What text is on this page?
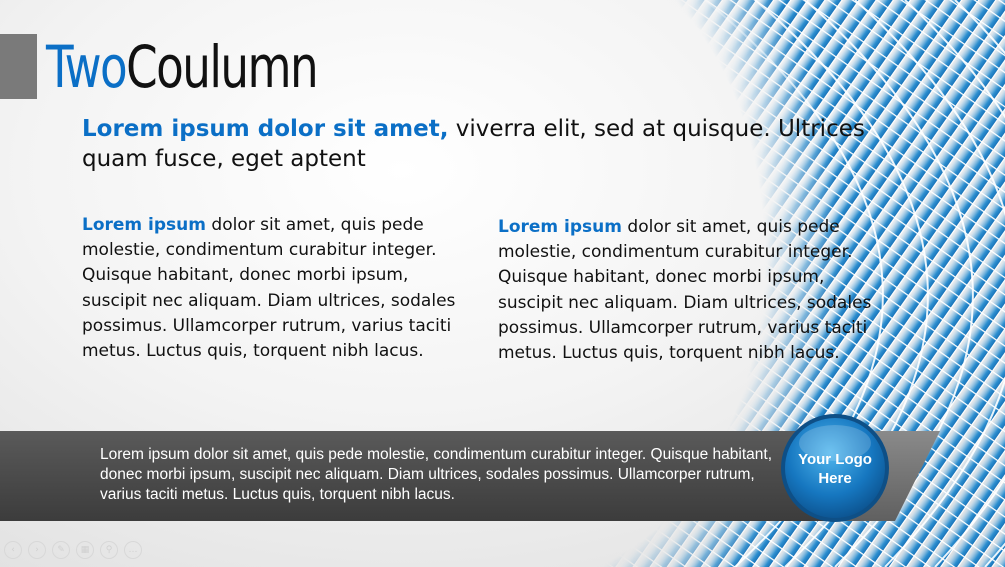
TwoCoulumn
Lorem ipsum dolor sit amet, viverra elit, sed at quisque. Ultrices quam fusce, eget aptent
Lorem ipsum dolor sit amet, quis pede molestie, condimentum curabitur integer. Quisque habitant, donec morbi ipsum, suscipit nec aliquam. Diam ultrices, sodales possimus. Ullamcorper rutrum, varius taciti metus. Luctus quis, torquent nibh lacus.
Lorem ipsum dolor sit amet, quis pede molestie, condimentum curabitur integer. Quisque habitant, donec morbi ipsum, suscipit nec aliquam. Diam ultrices, sodales possimus. Ullamcorper rutrum, varius taciti metus. Luctus quis, torquent nibh lacus.
Lorem ipsum dolor sit amet, quis pede molestie, condimentum curabitur integer. Quisque habitant, donec morbi ipsum, suscipit nec aliquam. Diam ultrices, sodales possimus. Ullamcorper rutrum, varius taciti metus. Luctus quis, torquent nibh lacus.
Your Logo
Here
‹	›	✎	▦	⚲	…
